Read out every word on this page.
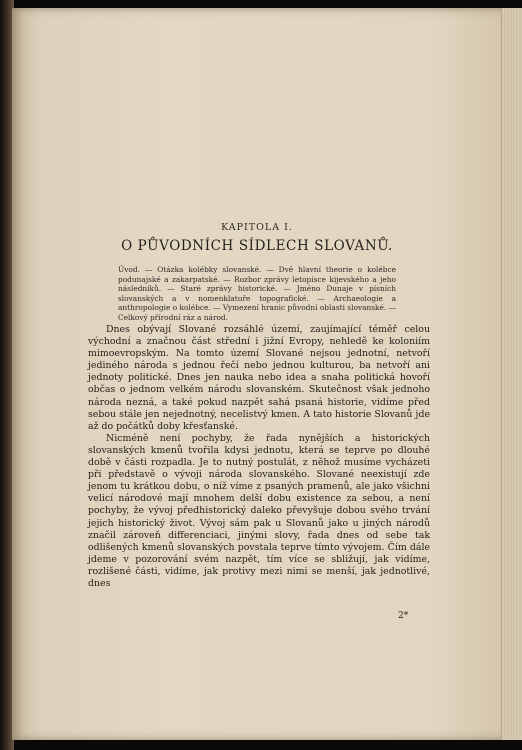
KAPITOLA I.
O PŮVODNÍCH SÍDLECH SLOVANŮ.
Úvod. — Otázka kolébky slovanské. — Dvě hlavní theorie o kolébce podunajské a zakarpatské. — Rozbor zprávy letopisce kijevského a jeho následníků. — Staré zprávy historické. — Jméno Dunaje v písních slovanských a v nomenklatuře topografické. — Archaeologie a anthropologie o kolébce. — Vymezení hranic původní oblasti slovanské. — Celkový přírodní ráz a národ.

Dnes obývají Slované rozsáhlé území, zaujímající téměř celou východní a značnou část střední i jižní Evropy, nehledě ke koloniím mimoevropským. Na tomto území Slované nejsou jednotní, netvoří jediného národa s jednou řečí nebo jednou kulturou, ba netvoří ani jednoty politické. Dnes jen nauka nebo idea a snaha politická hovoří občas o jednom velkém národu slovanském. Skutečnost však jednoho národa nezná, a také pokud nazpět sahá psaná historie, vidíme před sebou stále jen nejednotný, necelistvý kmen. A tato historie Slovanů jde až do počátků doby křesťanské.

Nicméně není pochyby, že řada nynějších a historických slovanských kmenů tvořila kdysi jednotu, která se teprve po dlouhé době v části rozpadla. Je to nutný postulát, z něhož musíme vycházeti při představě o vývoji národa slovanského. Slované neexistují zde jenom tu krátkou dobu, o níž víme z psaných pramenů, ale jako všichni velicí národové mají mnohem delší dobu existence za sebou, a není pochyby, že vývoj předhistorický daleko převyšuje dobou svého trvání jejich historický život. Vývoj sám pak u Slovanů jako u jiných národů značil zároveň differenciaci, jinými slovy, řada dnes od sebe tak odlišených kmenů slovanských povstala teprve tímto vývojem. Čím dále jdeme v pozorování svém nazpět, tím více se sbližují, jak vidíme, rozlišené části, vidíme, jak protivy mezi nimi se menší, jak jednotlivé, dnes

2*
